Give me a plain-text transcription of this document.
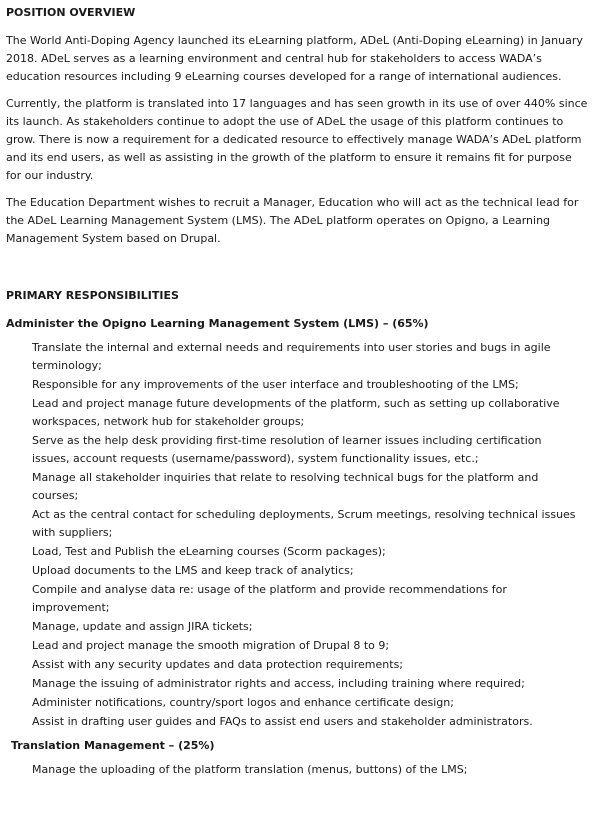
POSITION OVERVIEW

The World Anti-Doping Agency launched its eLearning platform, ADeL (Anti-Doping eLearning) in January 2018. ADeL serves as a learning environment and central hub for stakeholders to access WADA’s education resources including 9 eLearning courses developed for a range of international audiences.

Currently, the platform is translated into 17 languages and has seen growth in its use of over 440% since its launch. As stakeholders continue to adopt the use of ADeL the usage of this platform continues to grow. There is now a requirement for a dedicated resource to effectively manage WADA’s ADeL platform and its end users, as well as assisting in the growth of the platform to ensure it remains fit for purpose for our industry.

The Education Department wishes to recruit a Manager, Education who will act as the technical lead for the ADeL Learning Management System (LMS). The ADeL platform operates on Opigno, a Learning Management System based on Drupal.

PRIMARY RESPONSIBILITIES
Administer the Opigno Learning Management System (LMS) – (65%)
Translate the internal and external needs and requirements into user stories and bugs in agile terminology;
Responsible for any improvements of the user interface and troubleshooting of the LMS;
Lead and project manage future developments of the platform, such as setting up collaborative workspaces, network hub for stakeholder groups;
Serve as the help desk providing first-time resolution of learner issues including certification issues, account requests (username/password), system functionality issues, etc.;
Manage all stakeholder inquiries that relate to resolving technical bugs for the platform and courses;
Act as the central contact for scheduling deployments, Scrum meetings, resolving technical issues with suppliers;
Load, Test and Publish the eLearning courses (Scorm packages);
Upload documents to the LMS and keep track of analytics;
Compile and analyse data re: usage of the platform and provide recommendations for improvement;
Manage, update and assign JIRA tickets;
Lead and project manage the smooth migration of Drupal 8 to 9;
Assist with any security updates and data protection requirements;
Manage the issuing of administrator rights and access, including training where required;
Administer notifications, country/sport logos and enhance certificate design;
Assist in drafting user guides and FAQs to assist end users and stakeholder administrators.
Translation Management – (25%)
Manage the uploading of the platform translation (menus, buttons) of the LMS;
